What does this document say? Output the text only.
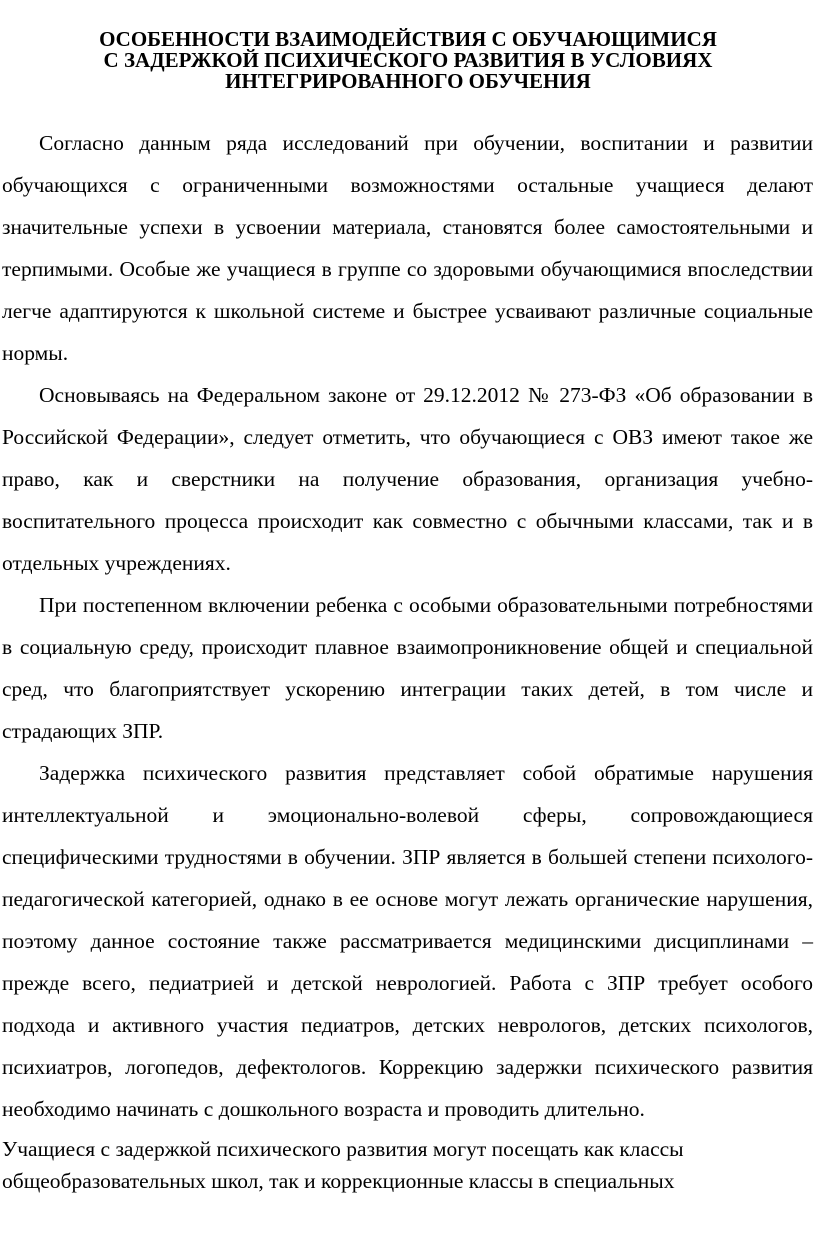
ОСОБЕННОСТИ ВЗАИМОДЕЙСТВИЯ С ОБУЧАЮЩИМИСЯ
С ЗАДЕРЖКОЙ ПСИХИЧЕСКОГО РАЗВИТИЯ В УСЛОВИЯХ
ИНТЕГРИРОВАННОГО ОБУЧЕНИЯ

Согласно данным ряда исследований при обучении, воспитании и развитии обучающихся с ограниченными возможностями остальные учащиеся делают значительные успехи в усвоении материала, становятся более самостоятельными и терпимыми. Особые же учащиеся в группе со здоровыми обучающимися впоследствии легче адаптируются к школьной системе и быстрее усваивают различные социальные нормы.

Основываясь на Федеральном законе от 29.12.2012 № 273-ФЗ «Об образовании в Российской Федерации», следует отметить, что обучающиеся с ОВЗ имеют такое же право, как и сверстники на получение образования, организация учебно- воспитательного процесса происходит как совместно с обычными классами, так и в отдельных учреждениях.

При постепенном включении ребенка с особыми образовательными потребностями в социальную среду, происходит плавное взаимопроникновение общей и специальной сред, что благоприятствует ускорению интеграции таких детей, в том числе и страдающих ЗПР.

Задержка психического развития представляет собой обратимые нарушения интеллектуальной и эмоционально-волевой сферы, сопровождающиеся специфическими трудностями в обучении. ЗПР является в большей степени психолого-педагогической категорией, однако в ее основе могут лежать органические нарушения, поэтому данное состояние также рассматривается медицинскими дисциплинами – прежде всего, педиатрией и детской неврологией. Работа с ЗПР требует особого подхода и активного участия педиатров, детских неврологов, детских психологов, психиатров, логопедов, дефектологов. Коррекцию задержки психического развития необходимо начинать с дошкольного возраста и проводить длительно.

Учащиеся с задержкой психического развития могут посещать как классы общеобразовательных школ, так и коррекционные классы в специальных
